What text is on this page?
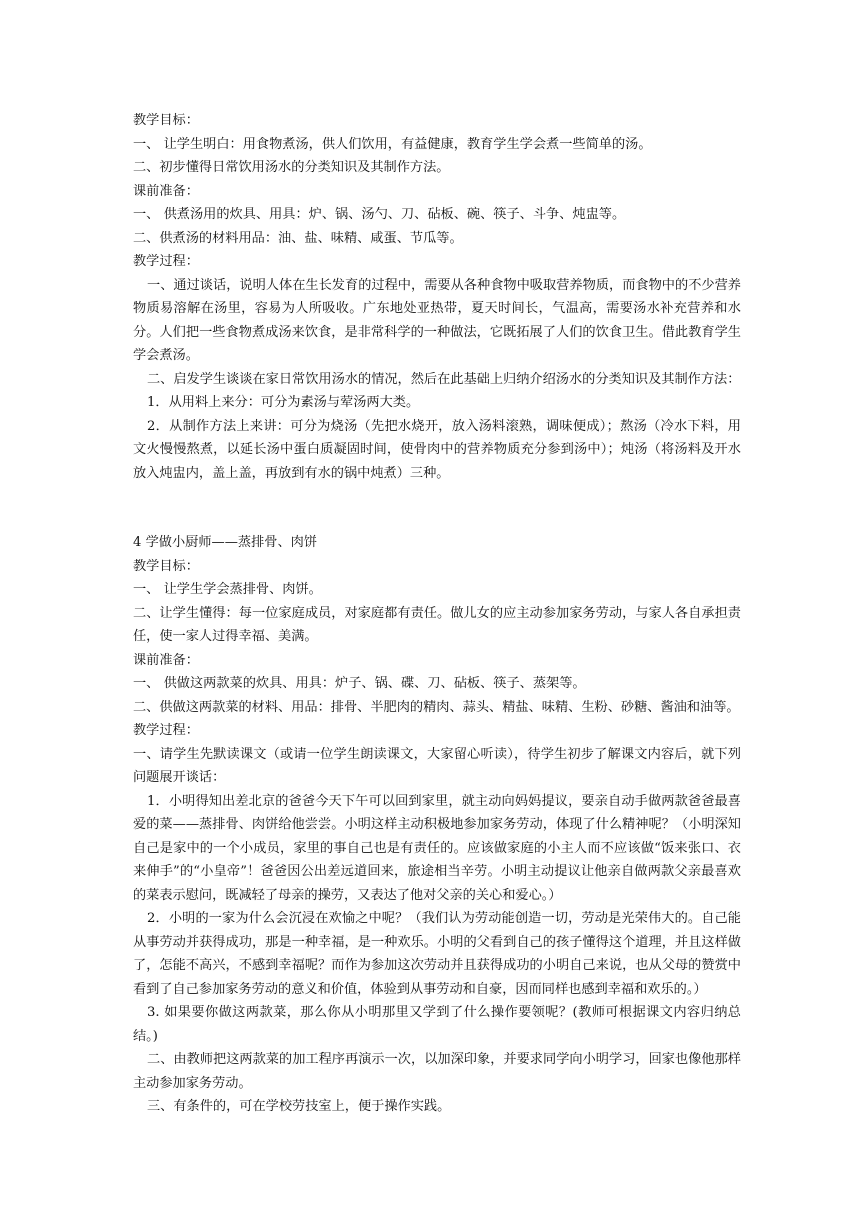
教学目标：
一、 让学生明白：用食物煮汤，供人们饮用，有益健康，教育学生学会煮一些简单的汤。
二、初步懂得日常饮用汤水的分类知识及其制作方法。
课前准备：
一、 供煮汤用的炊具、用具：炉、锅、汤勺、刀、砧板、碗、筷子、斗争、炖盅等。
二、供煮汤的材料用品：油、盐、味精、咸蛋、节瓜等。
教学过程：

一、通过谈话，说明人体在生长发育的过程中，需要从各种食物中吸取营养物质，而食物中的不少营养物质易溶解在汤里，容易为人所吸收。广东地处亚热带，夏天时间长，气温高，需要汤水补充营养和水分。人们把一些食物煮成汤来饮食，是非常科学的一种做法，它既拓展了人们的饮食卫生。借此教育学生学会煮汤。

二、启发学生谈谈在家日常饮用汤水的情况，然后在此基础上归纳介绍汤水的分类知识及其制作方法：

1．从用料上来分：可分为素汤与荤汤两大类。

2．从制作方法上来讲：可分为烧汤（先把水烧开，放入汤料滚熟，调味便成）；熬汤（冷水下料，用文火慢慢熬煮，以延长汤中蛋白质凝固时间，使骨肉中的营养物质充分参到汤中）；炖汤（将汤料及开水放入炖盅内，盖上盖，再放到有水的锅中炖煮）三种。

4 学做小厨师——蒸排骨、肉饼
教学目标：
一、 让学生学会蒸排骨、肉饼。

二、让学生懂得：每一位家庭成员，对家庭都有责任。做儿女的应主动参加家务劳动，与家人各自承担责任，使一家人过得幸福、美满。

课前准备：
一、 供做这两款菜的炊具、用具：炉子、锅、碟、刀、砧板、筷子、蒸架等。
二、供做这两款菜的材料、用品：排骨、半肥肉的精肉、蒜头、精盐、味精、生粉、砂糖、酱油和油等。
教学过程：

一、请学生先默读课文（或请一位学生朗读课文，大家留心听读），待学生初步了解课文内容后，就下列问题展开谈话：

1．小明得知出差北京的爸爸今天下午可以回到家里，就主动向妈妈提议，要亲自动手做两款爸爸最喜爱的菜——蒸排骨、肉饼给他尝尝。小明这样主动积极地参加家务劳动，体现了什么精神呢？（小明深知自己是家中的一个小成员，家里的事自己也是有责任的。应该做家庭的小主人而不应该做“饭来张口、衣来伸手”的“小皇帝”！爸爸因公出差远道回来，旅途相当辛劳。小明主动提议让他亲自做两款父亲最喜欢的菜表示慰问，既减轻了母亲的操劳，又表达了他对父亲的关心和爱心。）

2．小明的一家为什么会沉浸在欢愉之中呢？（我们认为劳动能创造一切，劳动是光荣伟大的。自己能从事劳动并获得成功，那是一种幸福，是一种欢乐。小明的父看到自己的孩子懂得这个道理，并且这样做了，怎能不高兴，不感到幸福呢？而作为参加这次劳动并且获得成功的小明自己来说，也从父母的赞赏中看到了自己参加家务劳动的意义和价值，体验到从事劳动和自豪，因而同样也感到幸福和欢乐的。）

3. 如果要你做这两款菜，那么你从小明那里又学到了什么操作要领呢？(教师可根据课文内容归纳总结。)

二、由教师把这两款菜的加工程序再演示一次，以加深印象，并要求同学向小明学习，回家也像他那样主动参加家务劳动。

三、有条件的，可在学校劳技室上，便于操作实践。
